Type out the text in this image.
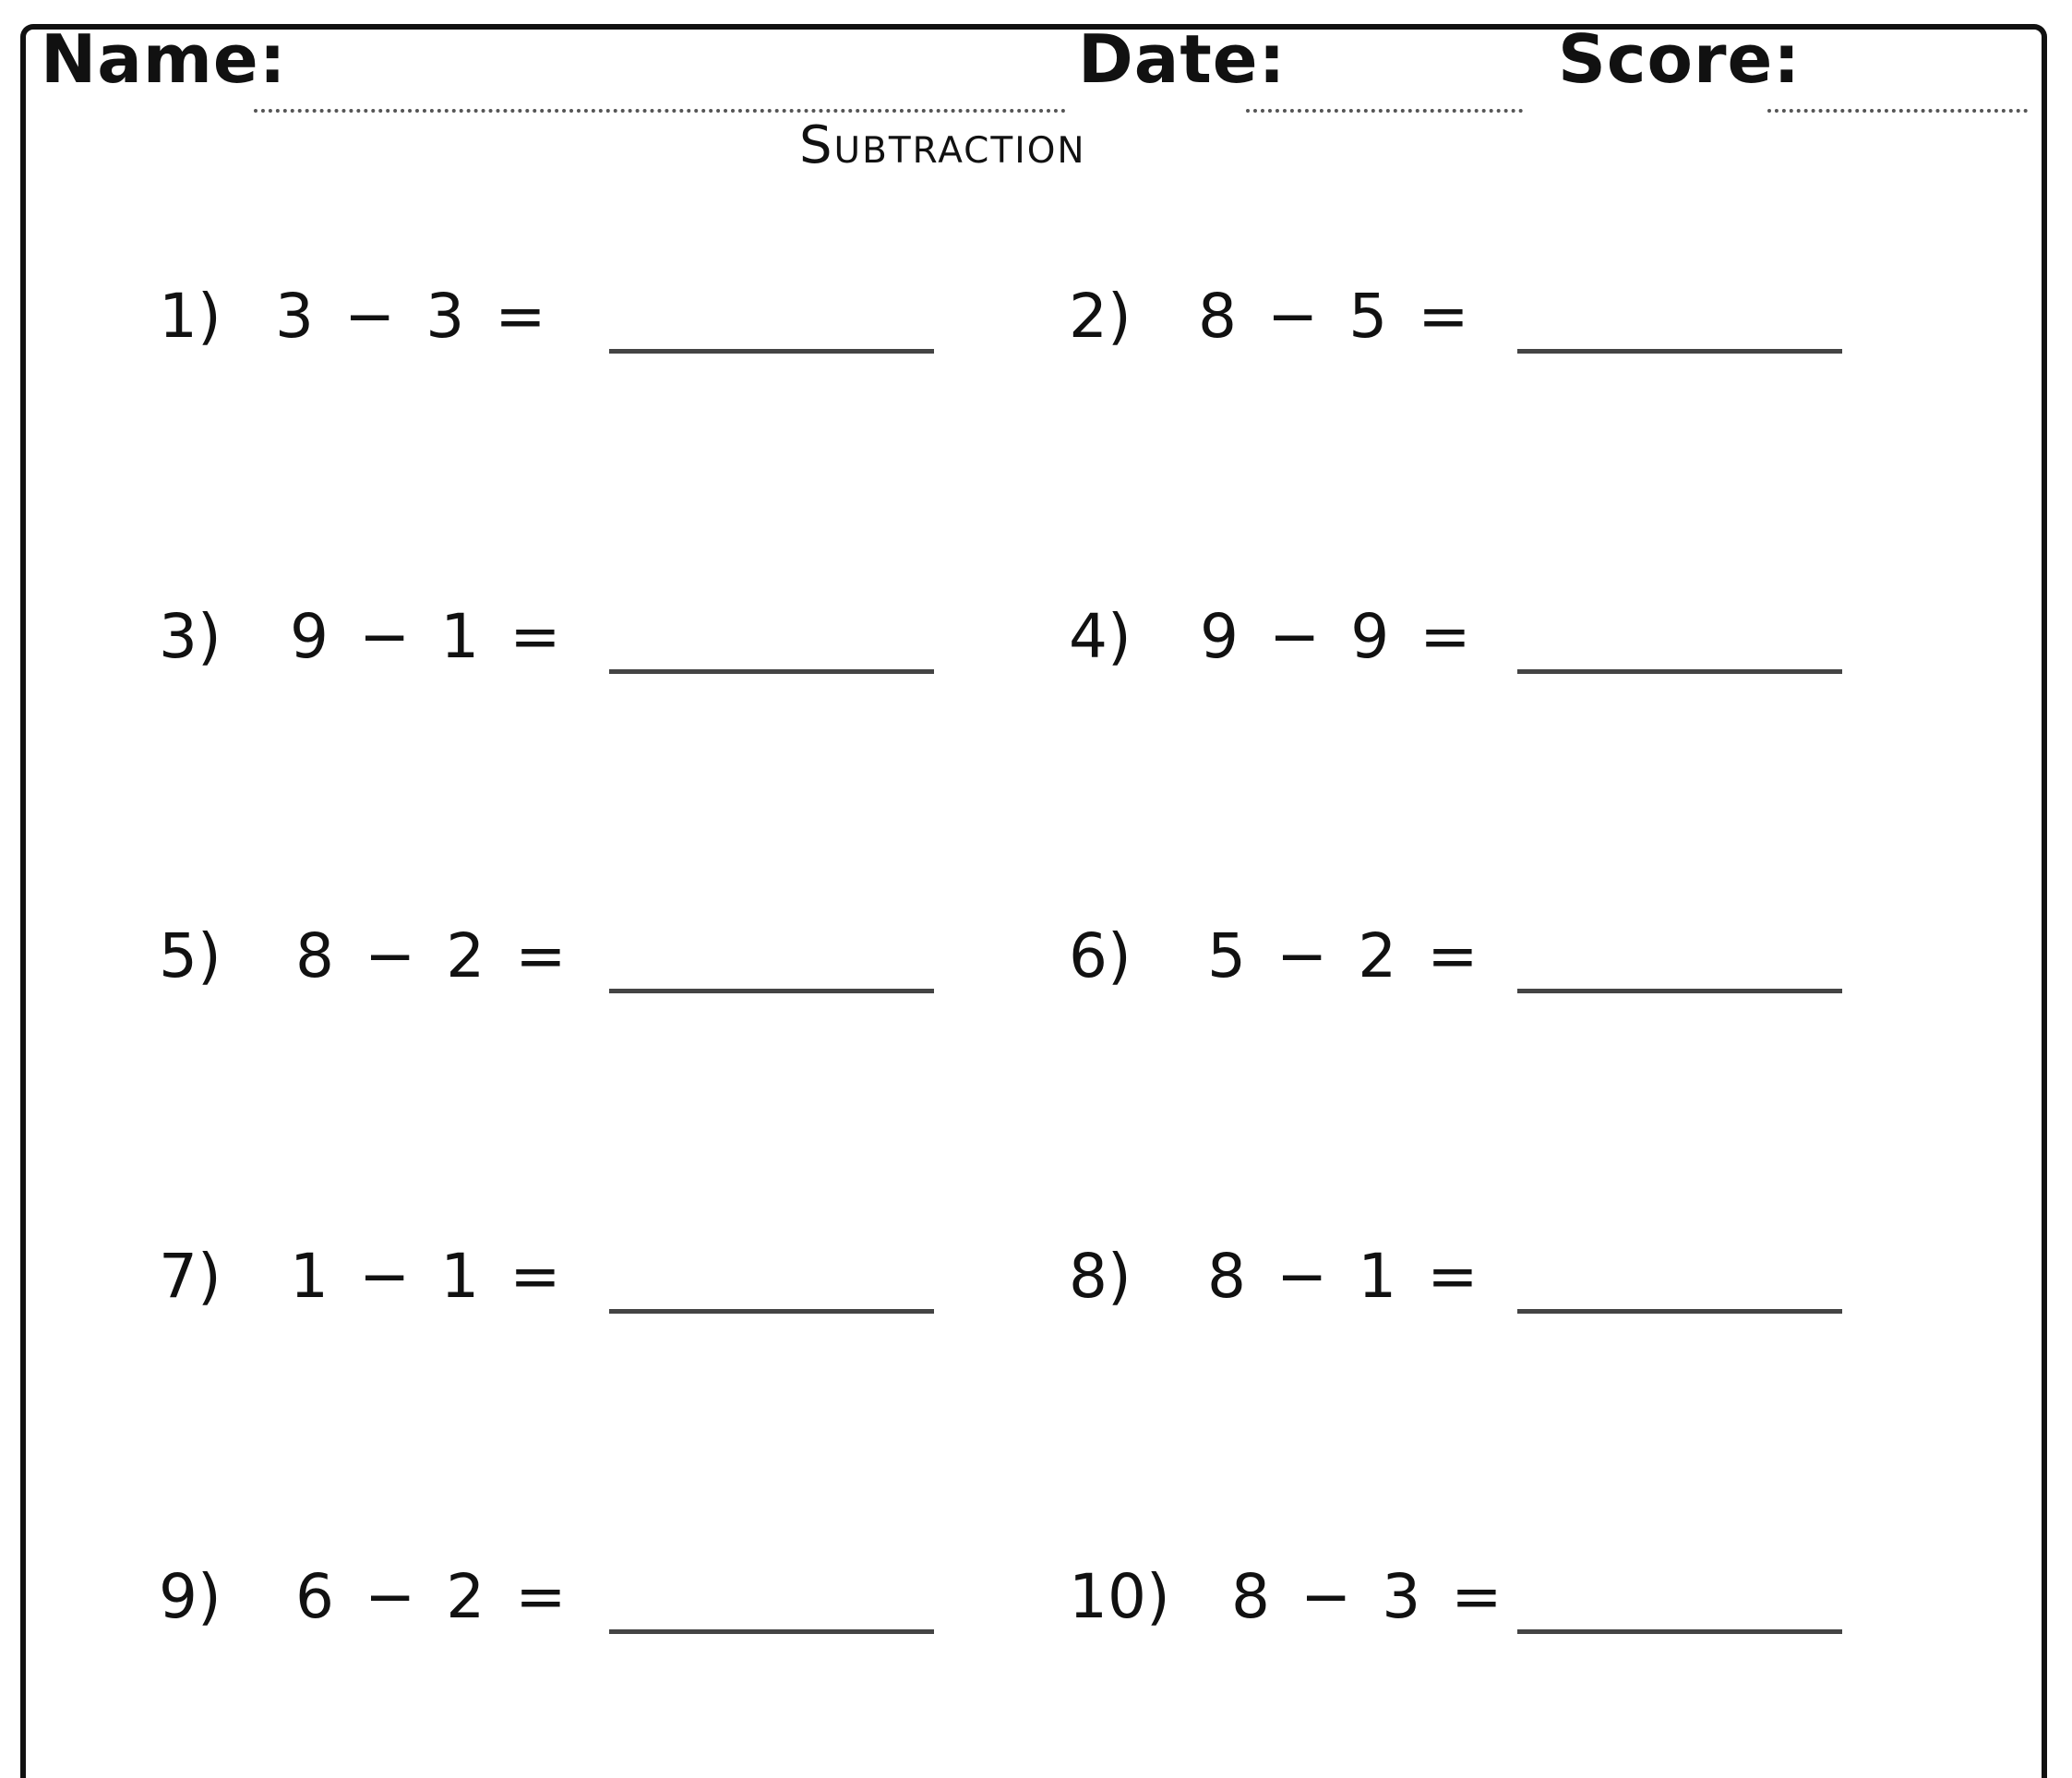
Name:	Date:	Score:
Subtraction
1) 3 − 3 =
3) 9 − 1 =
5) 8 − 2 =
7) 1 − 1 =
9) 6 − 2 =
2) 8 − 5 =
4) 9 − 9 =
6) 5 − 2 =
8) 8 − 1 =
10) 8 − 3 =
